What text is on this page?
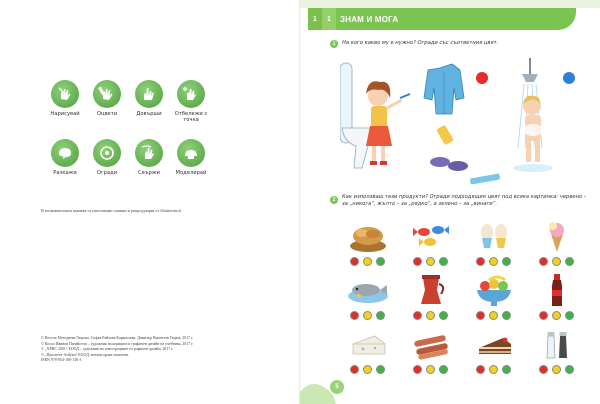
Нарисувай	Оцвети	Довърши	Отбележи с точка
Разкажи	Огради	Свържи	Моделирай
В познавателната книжка са използвани снимки и репродукции от Shutterstock.
© Весела Методиева Гюрова, Софка Райчева Караколева, Димитър Виолетов Гюров, 2017 г.
© Косьо Иванов Панайотов – художник на корицата и графичен дизайн на учебника, 2017 г.
© „ХРИС 2001“ ЕООД – художник на илюстрациите и графичен дизайн, 2017 г.
© „Просвета-Азбуки“ ЕООД, всички права запазени.
ISBN 978-954-180-136-3
1	1	ЗНАМ И МОГА
1	На кого какво му е нужно? Огради със съответния цвят.
2	Как използваш тези продукти? Огради подходящия цвят под всяка картинка: червено – за „никога“, жълто – за „рядко“, а зелено – за „винаги“.
5
